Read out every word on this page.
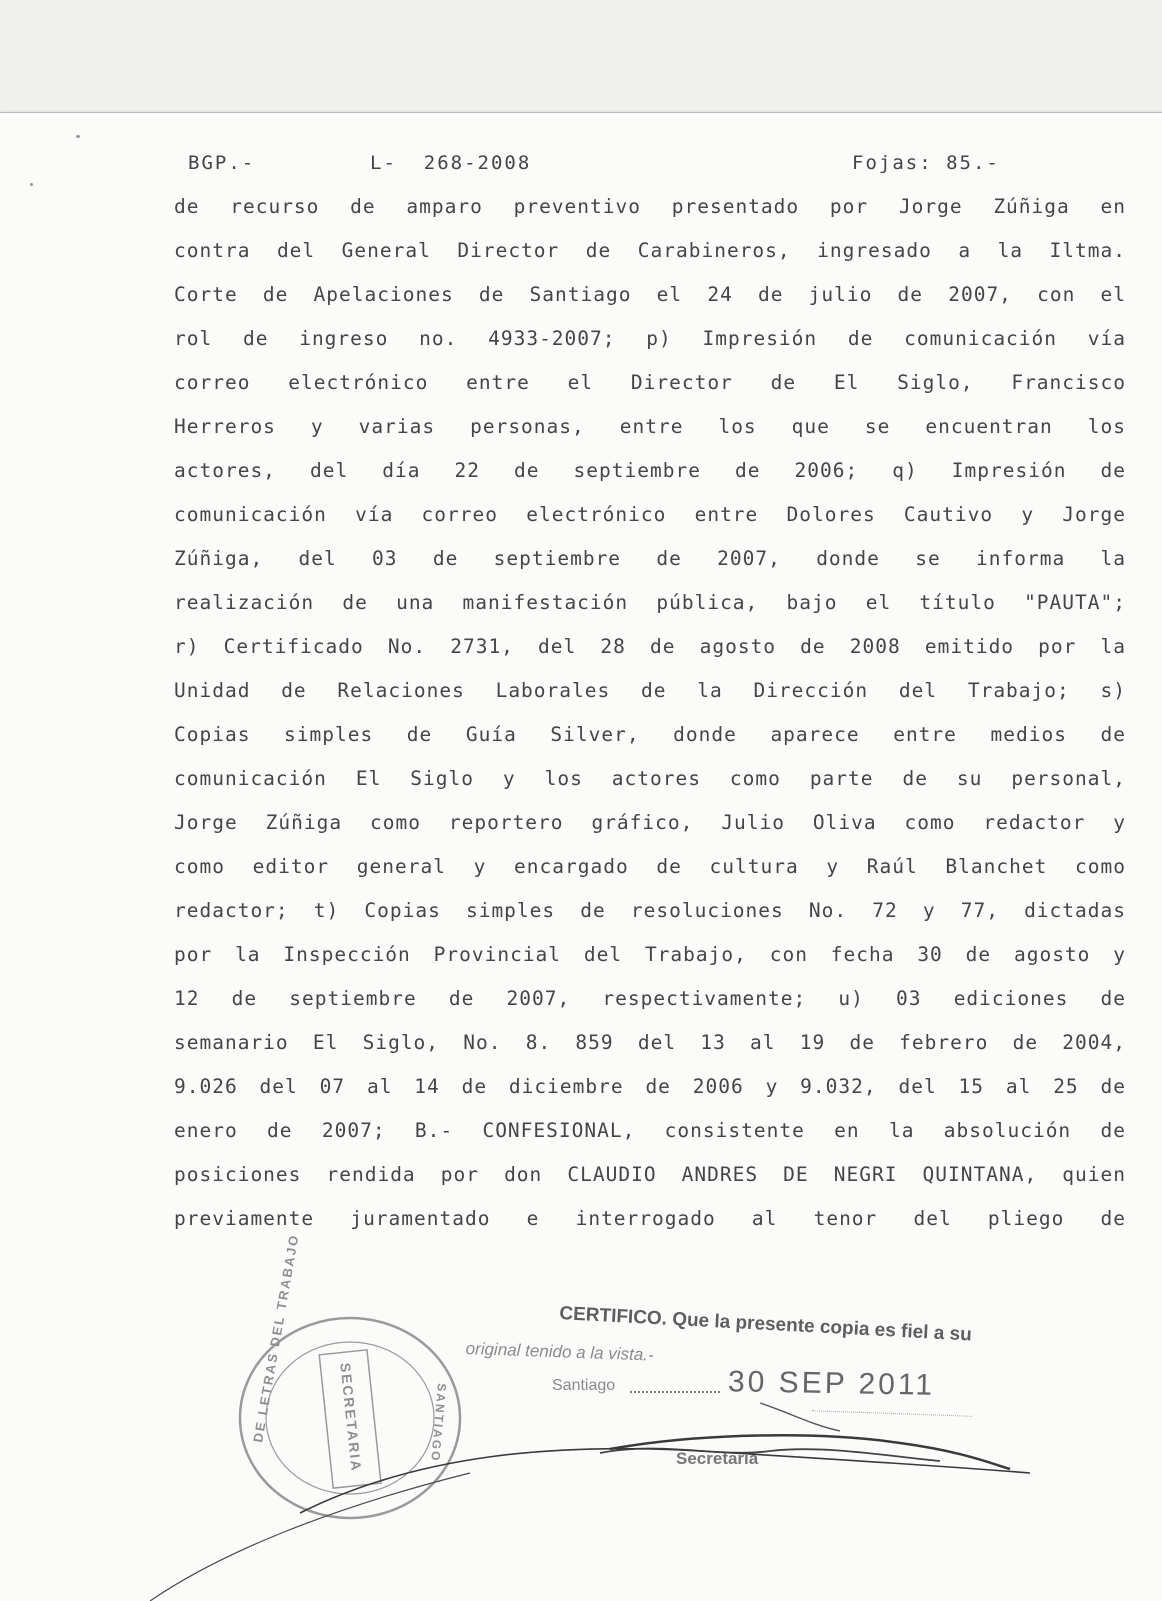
BGP.-	L-  268-2008	Fojas: 85.-
de recurso de amparo preventivo presentado por Jorge Zúñiga en
contra del General Director de Carabineros, ingresado a la Iltma.
Corte de Apelaciones de Santiago el 24 de julio de 2007, con el
rol de ingreso no. 4933-2007; p) Impresión de comunicación vía
correo electrónico entre el Director de El Siglo, Francisco
Herreros y varias personas, entre los que se encuentran los
actores, del día 22 de septiembre de 2006; q) Impresión de
comunicación vía correo electrónico entre Dolores Cautivo y Jorge
Zúñiga, del 03 de septiembre de 2007, donde se informa la
realización de una manifestación pública, bajo el título "PAUTA";
r) Certificado No. 2731, del 28 de agosto de 2008 emitido por la
Unidad de Relaciones Laborales de la Dirección del Trabajo; s)
Copias simples de Guía Silver, donde aparece entre medios de
comunicación El Siglo y los actores como parte de su personal,
Jorge Zúñiga como reportero gráfico, Julio Oliva como redactor y
como editor general y encargado de cultura y Raúl Blanchet como
redactor; t) Copias simples de resoluciones No. 72 y 77, dictadas
por la Inspección Provincial del Trabajo, con fecha 30 de agosto y
12 de septiembre de 2007, respectivamente; u) 03 ediciones de
semanario El Siglo, No. 8. 859 del 13 al 19 de febrero de 2004,
9.026 del 07 al 14 de diciembre de 2006 y 9.032, del 15 al 25 de
enero de 2007; B.- CONFESIONAL, consistente en la absolución de
posiciones rendida por don CLAUDIO ANDRES DE NEGRI QUINTANA, quien
previamente juramentado e interrogado al tenor del pliego de
CERTIFICO. Que la presente copia es fiel a su
original tenido a la vista.-
Santiago	30 SEP 2011
Secretaria
SECRETARIA
DE LETRAS DEL TRABAJO	SANTIAGO
